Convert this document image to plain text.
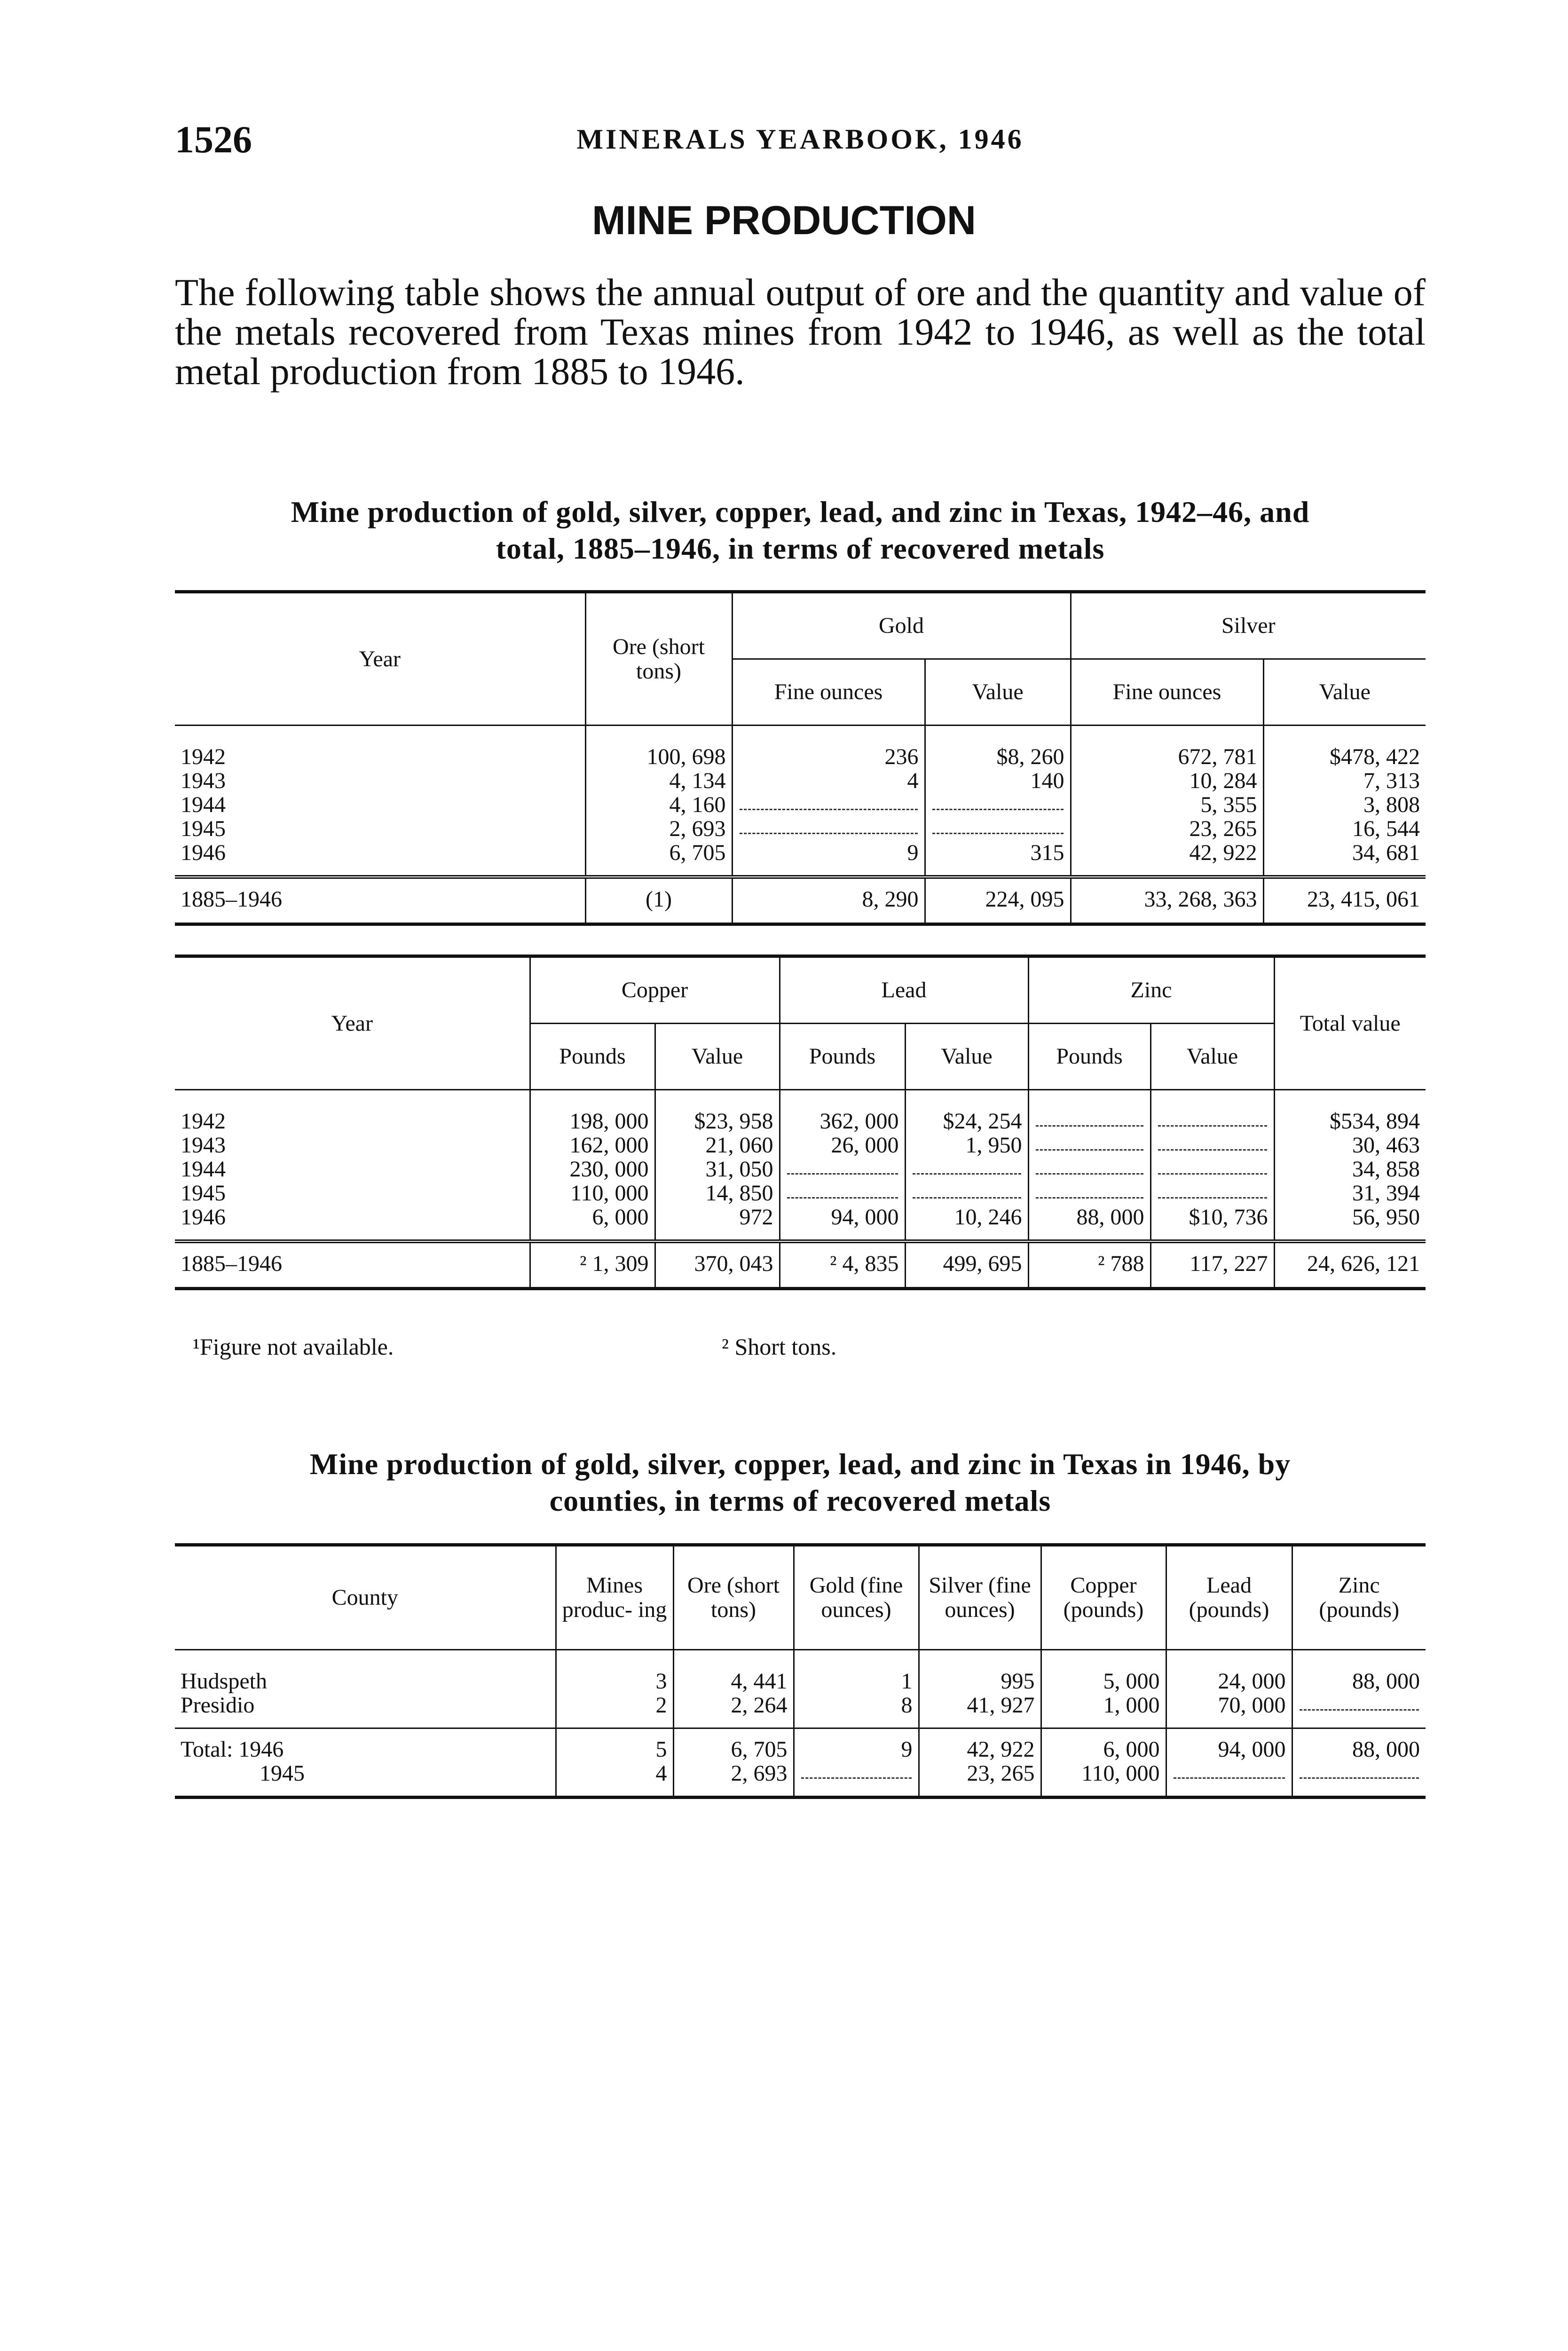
1526	MINERALS YEARBOOK, 1946
MINE PRODUCTION

The following table shows the annual output of ore and the quantity and value of the metals recovered from Texas mines from 1942 to 1946, as well as the total metal production from 1885 to 1946.

Mine production of gold, silver, copper, lead, and zinc in Texas, 1942–46, and
total, 1885–1946, in terms of recovered metals
Year	Ore (short tons)	Gold		Silver	
		Fine ounces	Value	Fine ounces	Value
1942	100, 698	236	$8, 260	672, 781	$478, 422
1943	4, 134	4	140	10, 284	7, 313
1944	4, 160			5, 355	3, 808
1945	2, 693			23, 265	16, 544
1946	6, 705	9	315	42, 922	34, 681
1885–1946	(1)	8, 290	224, 095	33, 268, 363	23, 415, 061
Year	Copper		Lead		Zinc		Total value
	Pounds	Value	Pounds	Value	Pounds	Value	
1942	198, 000	$23, 958	362, 000	$24, 254			$534, 894
1943	162, 000	21, 060	26, 000	1, 950			30, 463
1944	230, 000	31, 050					34, 858
1945	110, 000	14, 850					31, 394
1946	6, 000	972	94, 000	10, 246	88, 000	$10, 736	56, 950
1885–1946	² 1, 309	370, 043	² 4, 835	499, 695	² 788	117, 227	24, 626, 121
¹Figure not available.	² Short tons.
Mine production of gold, silver, copper, lead, and zinc in Texas in 1946, by
counties, in terms of recovered metals
County	Mines produc- ing	Ore (short tons)	Gold (fine ounces)	Silver (fine ounces)	Copper (pounds)	Lead (pounds)	Zinc (pounds)
Hudspeth	3	4, 441	1	995	5, 000	24, 000	88, 000
Presidio	2	2, 264	8	41, 927	1, 000	70, 000	

Total: 1946	5	6, 705	9	42, 922	6, 000	94, 000	88, 000
1945	4	2, 693		23, 265	110, 000	
